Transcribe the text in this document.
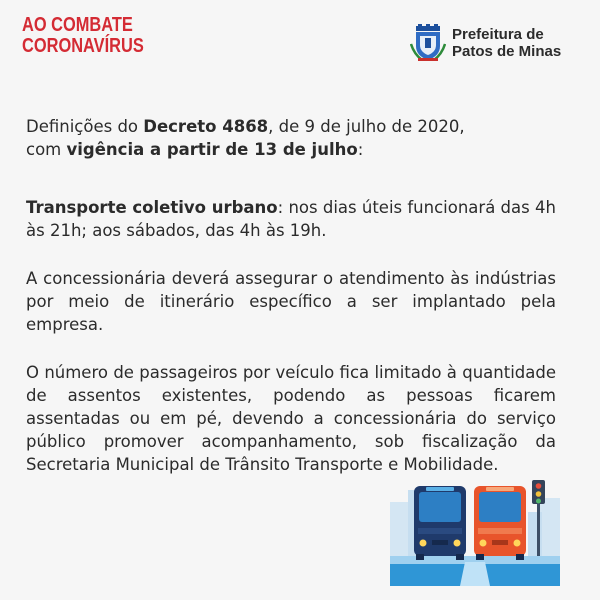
AO COMBATE
CORONAVÍRUS
Prefeitura de
Patos de Minas

Definições do Decreto 4868, de 9 de julho de 2020,
com vigência a partir de 13 de julho:

Transporte coletivo urbano: nos dias úteis funcionará das 4h às 21h; aos sábados, das 4h às 19h.

A concessionária deverá assegurar o atendimento às indústrias por meio de itinerário específico a ser implantado pela empresa.

O número de passageiros por veículo fica limitado à quantidade de assentos existentes, podendo as pessoas ficarem assentadas ou em pé, devendo a concessionária do serviço público promover acompanhamento, sob fiscalização da Secretaria Municipal de Trânsito Transporte e Mobilidade.
